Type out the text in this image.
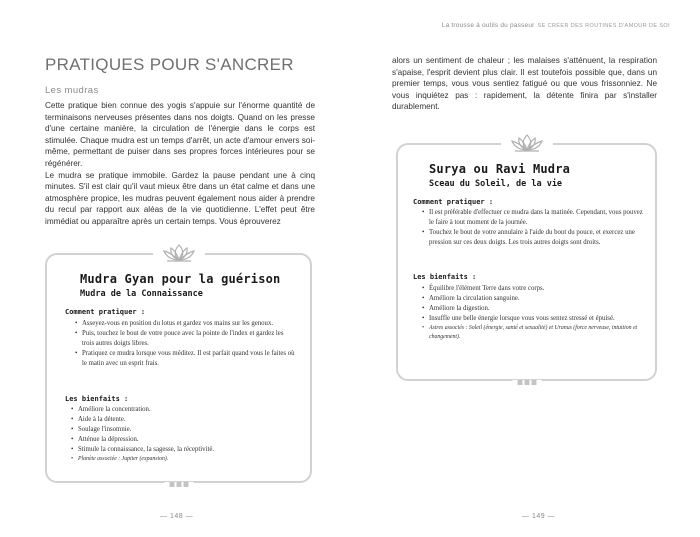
PRATIQUES POUR S'ANCRER
Les mudras

Cette pratique bien connue des yogis s'appuie sur l'énorme quantité de terminaisons nerveuses présentes dans nos doigts. Quand on les presse d'une certaine manière, la circulation de l'énergie dans le corps est stimulée. Chaque mudra est un temps d'arrêt, un acte d'amour envers soi-même, permettant de puiser dans ses propres forces intérieures pour se régénérer.

Le mudra se pratique immobile. Gardez la pause pendant une à cinq minutes. S'il est clair qu'il vaut mieux être dans un état calme et dans une atmosphère propice, les mudras peuvent également nous aider à prendre du recul par rapport aux aléas de la vie quotidienne. L'effet peut être immédiat ou apparaître après un certain temps. Vous éprouverez

Mudra Gyan pour la guérison
Mudra de la Connaissance
Comment pratiquer :
• Asseyez-vous en position du lotus et gardez vos mains sur les genoux.
• Puis, touchez le bout de votre pouce avec la pointe de l'index et gardez les trois autres doigts libres.
• Pratiquez ce mudra lorsque vous méditez. Il est parfait quand vous le faites où le matin avec un esprit frais.
Les bienfaits :
• Améliore la concentration.
• Aide à la détente.
• Soulage l'insomnie.
• Atténue la dépression.
• Stimule la connaissance, la sagesse, la réceptivité.
• Planète associée : Jupiter (expansion).
— 148 —
La trousse à outils du passeur SE CRÉER DES ROUTINES D'AMOUR DE SOI

alors un sentiment de chaleur ; les malaises s'atténuent, la respiration s'apaise, l'esprit devient plus clair. Il est toutefois possible que, dans un premier temps, vous vous sentiez fatigué ou que vous frissonniez. Ne vous inquiétez pas : rapidement, la détente finira par s'installer durablement.

Surya ou Ravi Mudra
Sceau du Soleil, de la vie
Comment pratiquer :
• Il est préférable d'effectuer ce mudra dans la matinée. Cependant, vous pouvez le faire à tout moment de la journée.
• Touchez le bout de votre annulaire à l'aide du bout du pouce, et exercez une pression sur ces deux doigts. Les trois autres doigts sont droits.
Les bienfaits :
• Équilibre l'élément Terre dans votre corps.
• Améliore la circulation sanguine.
• Améliore la digestion.
• Insuffle une belle énergie lorsque vous vous sentez stressé et épuisé.
• Astres associés : Soleil (énergie, santé et sexualité) et Uranus (force nerveuse, intuition et changement).
— 149 —
